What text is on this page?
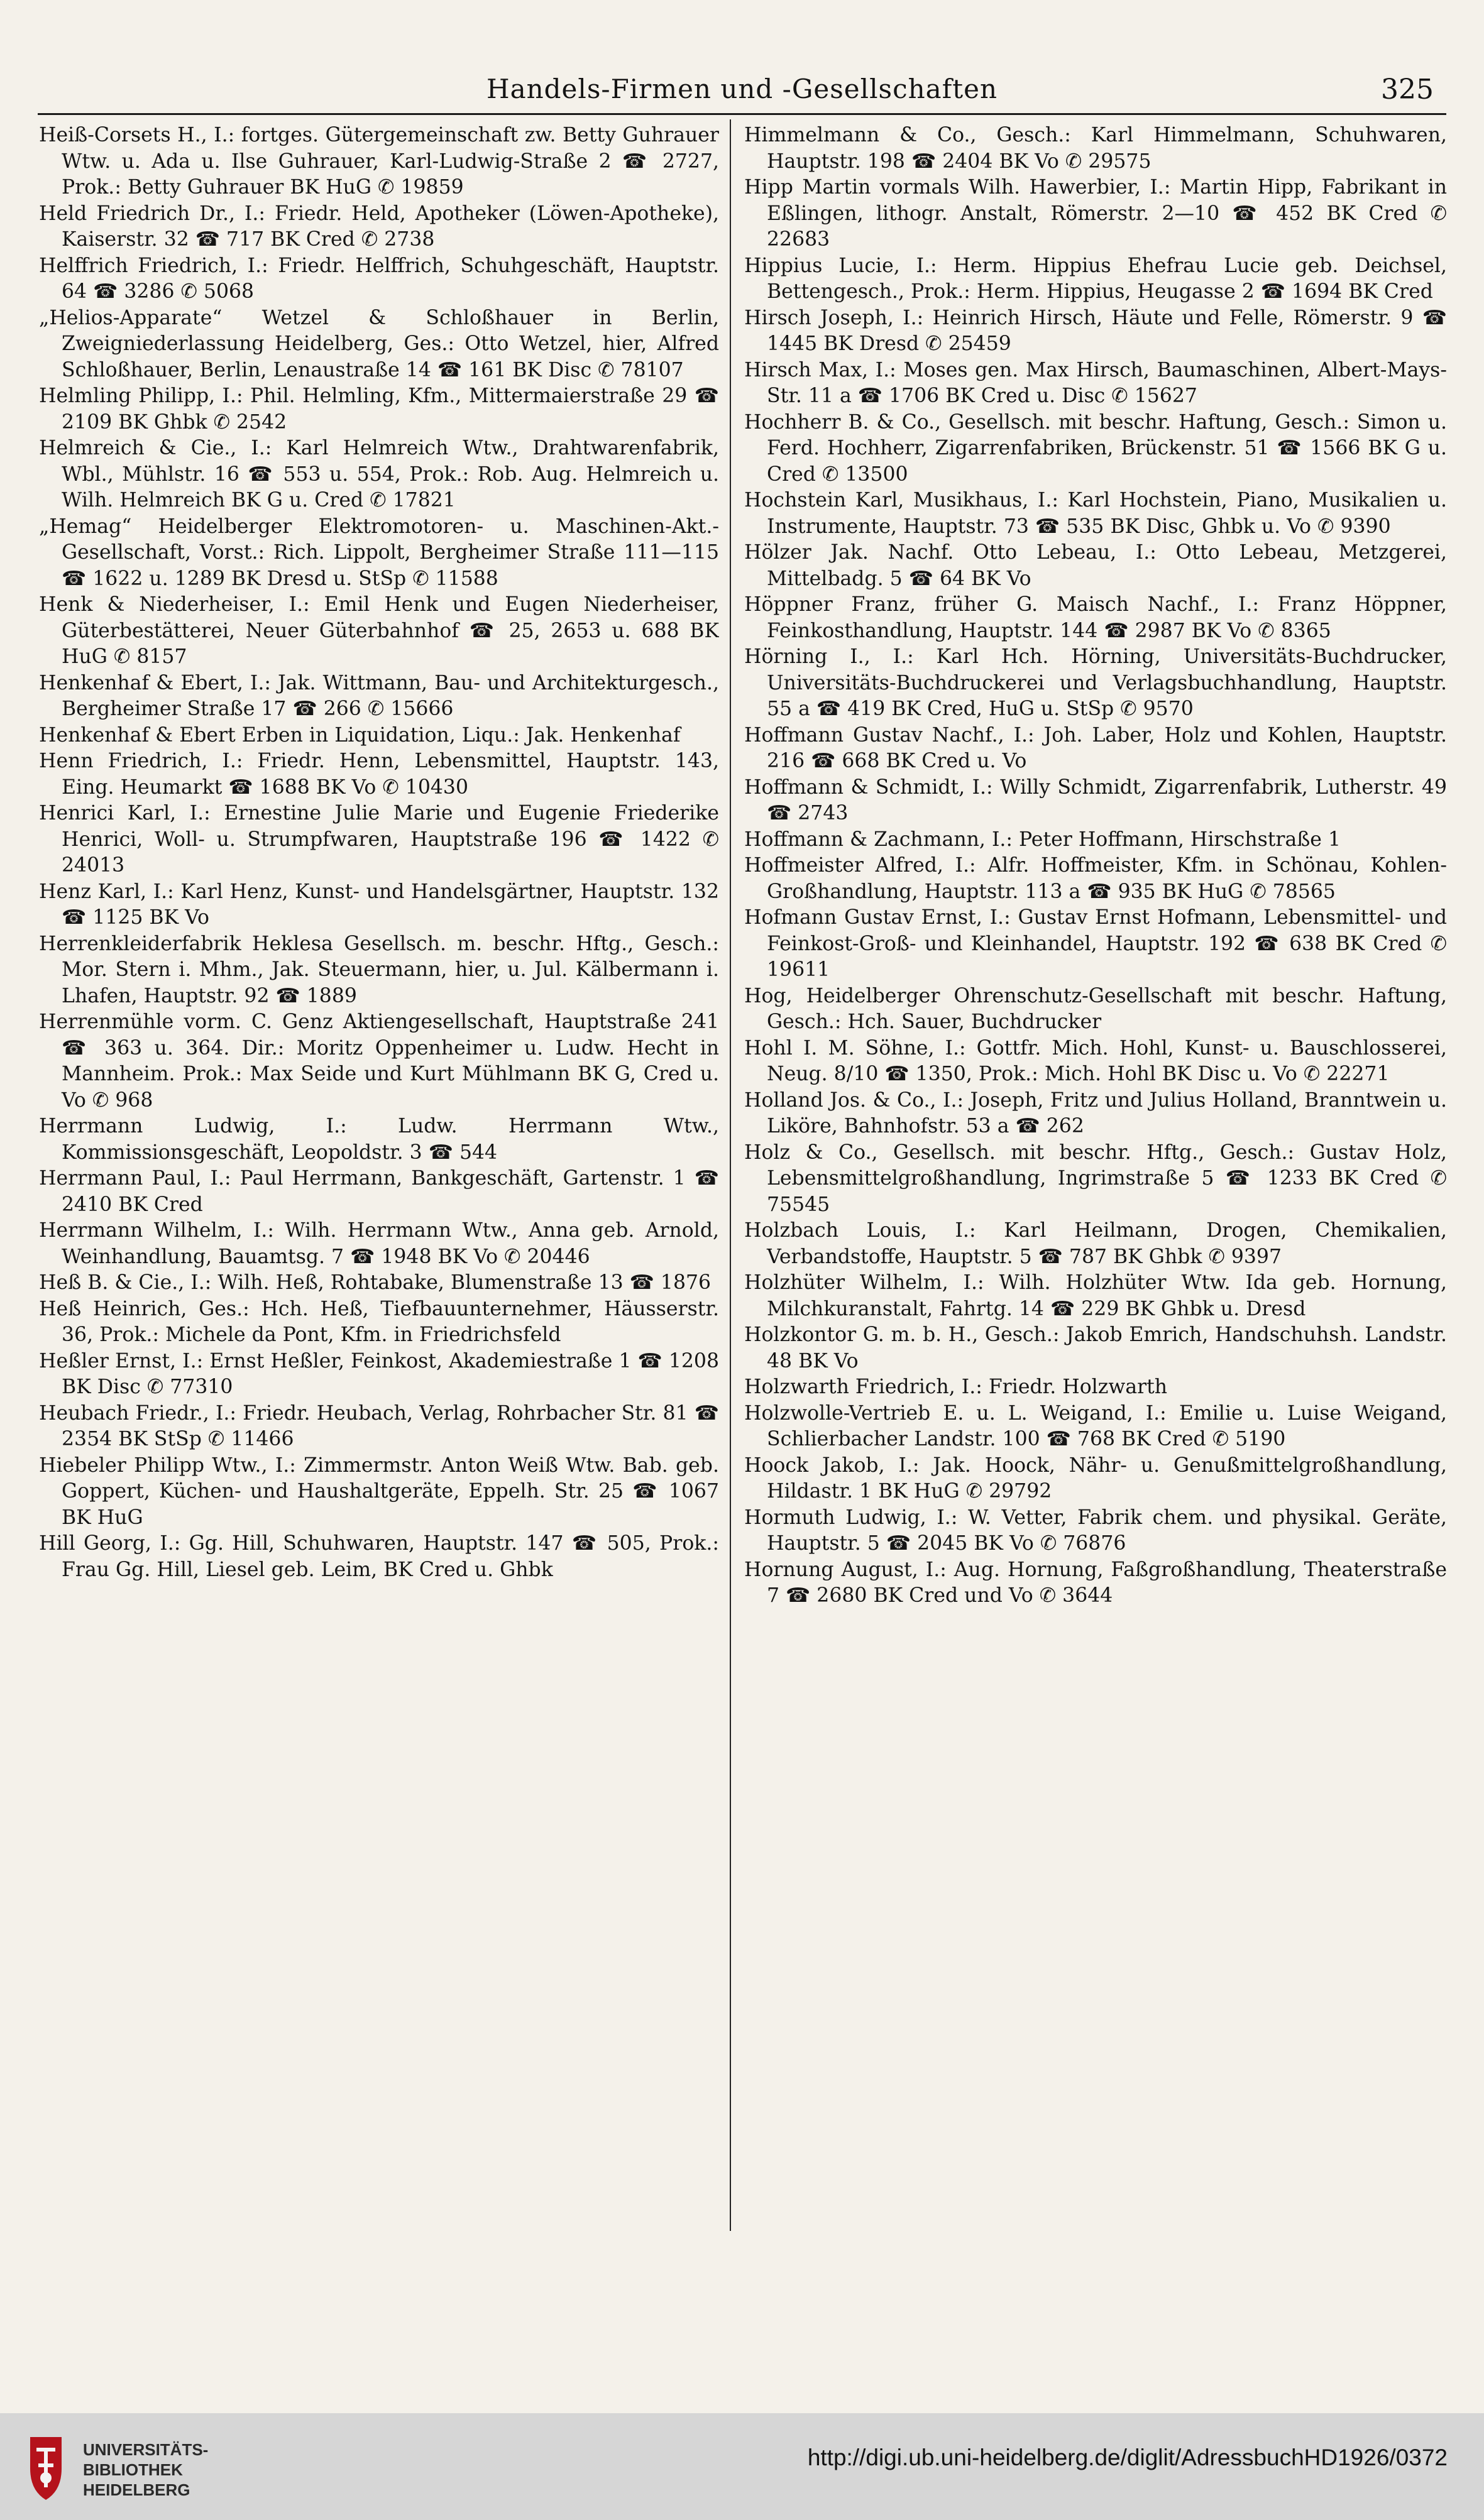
Handels-Firmen und -Gesellschaften	325

Heiß-Corsets H., I.: fortges. Gütergemeinschaft zw. Betty Guhrauer Wtw. u. Ada u. Ilse Guhrauer, Karl-Ludwig-Straße 2 ☎ 2727, Prok.: Betty Guhrauer BK HuG ✆ 19859

Held Friedrich Dr., I.: Friedr. Held, Apotheker (Löwen-Apotheke), Kaiserstr. 32 ☎ 717 BK Cred ✆ 2738

Helffrich Friedrich, I.: Friedr. Helffrich, Schuhgeschäft, Hauptstr. 64 ☎ 3286 ✆ 5068

„Helios-Apparate“ Wetzel & Schloßhauer in Berlin, Zweigniederlassung Heidelberg, Ges.: Otto Wetzel, hier, Alfred Schloßhauer, Berlin, Lenaustraße 14 ☎ 161 BK Disc ✆ 78107

Helmling Philipp, I.: Phil. Helmling, Kfm., Mittermaierstraße 29 ☎ 2109 BK Ghbk ✆ 2542

Helmreich & Cie., I.: Karl Helmreich Wtw., Drahtwarenfabrik, Wbl., Mühlstr. 16 ☎ 553 u. 554, Prok.: Rob. Aug. Helmreich u. Wilh. Helmreich BK G u. Cred ✆ 17821

„Hemag“ Heidelberger Elektromotoren- u. Maschinen-Akt.-Gesellschaft, Vorst.: Rich. Lippolt, Bergheimer Straße 111—115 ☎ 1622 u. 1289 BK Dresd u. StSp ✆ 11588

Henk & Niederheiser, I.: Emil Henk und Eugen Niederheiser, Güterbestätterei, Neuer Güterbahnhof ☎ 25, 2653 u. 688 BK HuG ✆ 8157

Henkenhaf & Ebert, I.: Jak. Wittmann, Bau- und Architekturgesch., Bergheimer Straße 17 ☎ 266 ✆ 15666

Henkenhaf & Ebert Erben in Liquidation, Liqu.: Jak. Henkenhaf

Henn Friedrich, I.: Friedr. Henn, Lebensmittel, Hauptstr. 143, Eing. Heumarkt ☎ 1688 BK Vo ✆ 10430

Henrici Karl, I.: Ernestine Julie Marie und Eugenie Friederike Henrici, Woll- u. Strumpfwaren, Hauptstraße 196 ☎ 1422 ✆ 24013

Henz Karl, I.: Karl Henz, Kunst- und Handelsgärtner, Hauptstr. 132 ☎ 1125 BK Vo

Herrenkleiderfabrik Heklesa Gesellsch. m. beschr. Hftg., Gesch.: Mor. Stern i. Mhm., Jak. Steuermann, hier, u. Jul. Kälbermann i. Lhafen, Hauptstr. 92 ☎ 1889

Herrenmühle vorm. C. Genz Aktiengesellschaft, Hauptstraße 241 ☎ 363 u. 364. Dir.: Moritz Oppenheimer u. Ludw. Hecht in Mannheim. Prok.: Max Seide und Kurt Mühlmann BK G, Cred u. Vo ✆ 968

Herrmann Ludwig, I.: Ludw. Herrmann Wtw., Kommissionsgeschäft, Leopoldstr. 3 ☎ 544

Herrmann Paul, I.: Paul Herrmann, Bankgeschäft, Gartenstr. 1 ☎ 2410 BK Cred

Herrmann Wilhelm, I.: Wilh. Herrmann Wtw., Anna geb. Arnold, Weinhandlung, Bauamtsg. 7 ☎ 1948 BK Vo ✆ 20446

Heß B. & Cie., I.: Wilh. Heß, Rohtabake, Blumenstraße 13 ☎ 1876

Heß Heinrich, Ges.: Hch. Heß, Tiefbauunternehmer, Häusserstr. 36, Prok.: Michele da Pont, Kfm. in Friedrichsfeld

Heßler Ernst, I.: Ernst Heßler, Feinkost, Akademiestraße 1 ☎ 1208 BK Disc ✆ 77310

Heubach Friedr., I.: Friedr. Heubach, Verlag, Rohrbacher Str. 81 ☎ 2354 BK StSp ✆ 11466

Hiebeler Philipp Wtw., I.: Zimmermstr. Anton Weiß Wtw. Bab. geb. Goppert, Küchen- und Haushaltgeräte, Eppelh. Str. 25 ☎ 1067 BK HuG

Hill Georg, I.: Gg. Hill, Schuhwaren, Hauptstr. 147 ☎ 505, Prok.: Frau Gg. Hill, Liesel geb. Leim, BK Cred u. Ghbk

Himmelmann & Co., Gesch.: Karl Himmelmann, Schuhwaren, Hauptstr. 198 ☎ 2404 BK Vo ✆ 29575

Hipp Martin vormals Wilh. Hawerbier, I.: Martin Hipp, Fabrikant in Eßlingen, lithogr. Anstalt, Römerstr. 2—10 ☎ 452 BK Cred ✆ 22683

Hippius Lucie, I.: Herm. Hippius Ehefrau Lucie geb. Deichsel, Bettengesch., Prok.: Herm. Hippius, Heugasse 2 ☎ 1694 BK Cred

Hirsch Joseph, I.: Heinrich Hirsch, Häute und Felle, Römerstr. 9 ☎ 1445 BK Dresd ✆ 25459

Hirsch Max, I.: Moses gen. Max Hirsch, Baumaschinen, Albert-Mays-Str. 11 a ☎ 1706 BK Cred u. Disc ✆ 15627

Hochherr B. & Co., Gesellsch. mit beschr. Haftung, Gesch.: Simon u. Ferd. Hochherr, Zigarrenfabriken, Brückenstr. 51 ☎ 1566 BK G u. Cred ✆ 13500

Hochstein Karl, Musikhaus, I.: Karl Hochstein, Piano, Musikalien u. Instrumente, Hauptstr. 73 ☎ 535 BK Disc, Ghbk u. Vo ✆ 9390

Hölzer Jak. Nachf. Otto Lebeau, I.: Otto Lebeau, Metzgerei, Mittelbadg. 5 ☎ 64 BK Vo

Höppner Franz, früher G. Maisch Nachf., I.: Franz Höppner, Feinkosthandlung, Hauptstr. 144 ☎ 2987 BK Vo ✆ 8365

Hörning I., I.: Karl Hch. Hörning, Universitäts-Buchdrucker, Universitäts-Buchdruckerei und Verlagsbuchhandlung, Hauptstr. 55 a ☎ 419 BK Cred, HuG u. StSp ✆ 9570

Hoffmann Gustav Nachf., I.: Joh. Laber, Holz und Kohlen, Hauptstr. 216 ☎ 668 BK Cred u. Vo

Hoffmann & Schmidt, I.: Willy Schmidt, Zigarrenfabrik, Lutherstr. 49 ☎ 2743

Hoffmann & Zachmann, I.: Peter Hoffmann, Hirschstraße 1

Hoffmeister Alfred, I.: Alfr. Hoffmeister, Kfm. in Schönau, Kohlen-Großhandlung, Hauptstr. 113 a ☎ 935 BK HuG ✆ 78565

Hofmann Gustav Ernst, I.: Gustav Ernst Hofmann, Lebensmittel- und Feinkost-Groß- und Kleinhandel, Hauptstr. 192 ☎ 638 BK Cred ✆ 19611

Hog, Heidelberger Ohrenschutz-Gesellschaft mit beschr. Haftung, Gesch.: Hch. Sauer, Buchdrucker

Hohl I. M. Söhne, I.: Gottfr. Mich. Hohl, Kunst- u. Bauschlosserei, Neug. 8/10 ☎ 1350, Prok.: Mich. Hohl BK Disc u. Vo ✆ 22271

Holland Jos. & Co., I.: Joseph, Fritz und Julius Holland, Branntwein u. Liköre, Bahnhofstr. 53 a ☎ 262

Holz & Co., Gesellsch. mit beschr. Hftg., Gesch.: Gustav Holz, Lebensmittelgroßhandlung, Ingrimstraße 5 ☎ 1233 BK Cred ✆ 75545

Holzbach Louis, I.: Karl Heilmann, Drogen, Chemikalien, Verbandstoffe, Hauptstr. 5 ☎ 787 BK Ghbk ✆ 9397

Holzhüter Wilhelm, I.: Wilh. Holzhüter Wtw. Ida geb. Hornung, Milchkuranstalt, Fahrtg. 14 ☎ 229 BK Ghbk u. Dresd

Holzkontor G. m. b. H., Gesch.: Jakob Emrich, Handschuhsh. Landstr. 48 BK Vo

Holzwarth Friedrich, I.: Friedr. Holzwarth

Holzwolle-Vertrieb E. u. L. Weigand, I.: Emilie u. Luise Weigand, Schlierbacher Landstr. 100 ☎ 768 BK Cred ✆ 5190

Hoock Jakob, I.: Jak. Hoock, Nähr- u. Genußmittelgroßhandlung, Hildastr. 1 BK HuG ✆ 29792

Hormuth Ludwig, I.: W. Vetter, Fabrik chem. und physikal. Geräte, Hauptstr. 5 ☎ 2045 BK Vo ✆ 76876

Hornung August, I.: Aug. Hornung, Faßgroßhandlung, Theaterstraße 7 ☎ 2680 BK Cred und Vo ✆ 3644

UNIVERSITÄTS-
BIBLIOTHEK
HEIDELBERG
http://digi.ub.uni-heidelberg.de/diglit/AdressbuchHD1926/0372
